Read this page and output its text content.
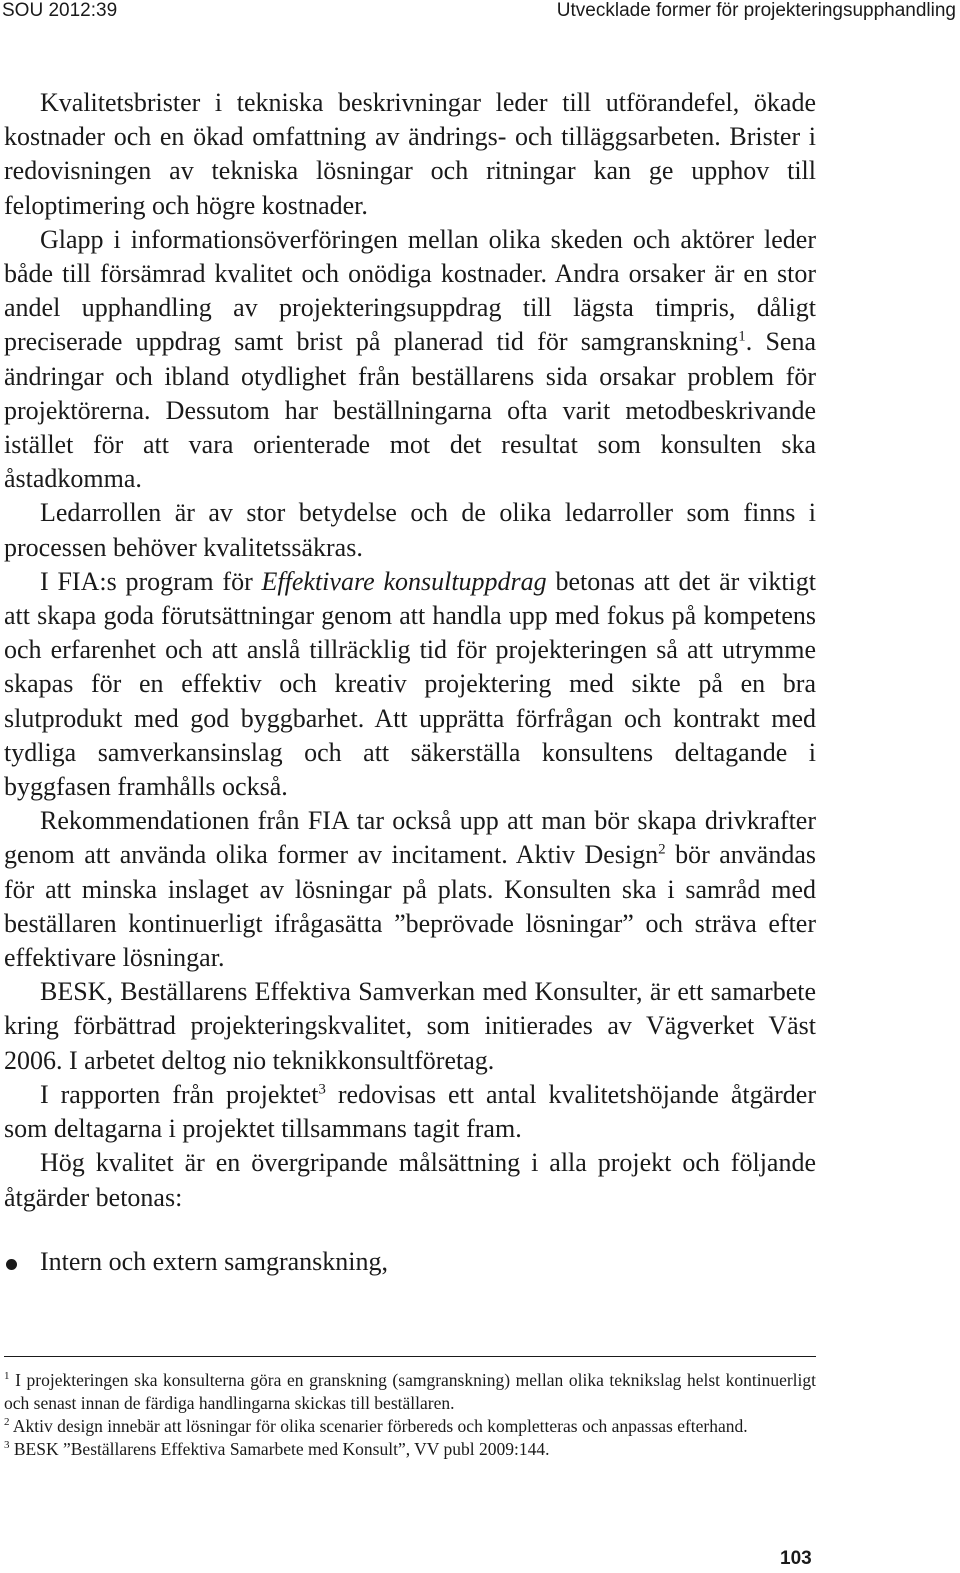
SOU 2012:39	Utvecklade former för projekteringsupphandling

Kvalitetsbrister i tekniska beskrivningar leder till utförandefel, ökade kostnader och en ökad omfattning av ändrings- och tilläggsarbeten. Brister i redovisningen av tekniska lösningar och ritningar kan ge upphov till feloptimering och högre kostnader.

Glapp i informationsöverföringen mellan olika skeden och aktörer leder både till försämrad kvalitet och onödiga kostnader. Andra orsaker är en stor andel upphandling av projekteringsuppdrag till lägsta timpris, dåligt preciserade uppdrag samt brist på planerad tid för samgranskning$^1$. Sena ändringar och ibland otydlighet från beställarens sida orsakar problem för projektörerna. Dessutom har beställningarna ofta varit metodbeskrivande istället för att vara orienterade mot det resultat som konsulten ska åstadkomma.

Ledarrollen är av stor betydelse och de olika ledarroller som finns i processen behöver kvalitetssäkras.

I FIA:s program för Effektivare konsultuppdrag betonas att det är viktigt att skapa goda förutsättningar genom att handla upp med fokus på kompetens och erfarenhet och att anslå tillräcklig tid för projekteringen så att utrymme skapas för en effektiv och kreativ projektering med sikte på en bra slutprodukt med god byggbarhet. Att upprätta förfrågan och kontrakt med tydliga samverkansinslag och att säkerställa konsultens deltagande i byggfasen framhålls också.

Rekommendationen från FIA tar också upp att man bör skapa drivkrafter genom att använda olika former av incitament. Aktiv Design$^2$ bör användas för att minska inslaget av lösningar på plats. Konsulten ska i samråd med beställaren kontinuerligt ifrågasätta ”beprövade lösningar” och sträva efter effektivare lösningar.

BESK, Beställarens Effektiva Samverkan med Konsulter, är ett samarbete kring förbättrad projekteringskvalitet, som initierades av Vägverket Väst 2006. I arbetet deltog nio teknikkonsultföretag.

I rapporten från projektet$^3$ redovisas ett antal kvalitetshöjande åtgärder som deltagarna i projektet tillsammans tagit fram.

Hög kvalitet är en övergripande målsättning i alla projekt och följande åtgärder betonas:

Intern och extern samgranskning,

$^1$ I projekteringen ska konsulterna göra en granskning (samgranskning) mellan olika teknikslag helst kontinuerligt och senast innan de färdiga handlingarna skickas till beställaren.

$^2$ Aktiv design innebär att lösningar för olika scenarier förbereds och kompletteras och anpassas efterhand.

$^3$ BESK ”Beställarens Effektiva Samarbete med Konsult”, VV publ 2009:144.

103
